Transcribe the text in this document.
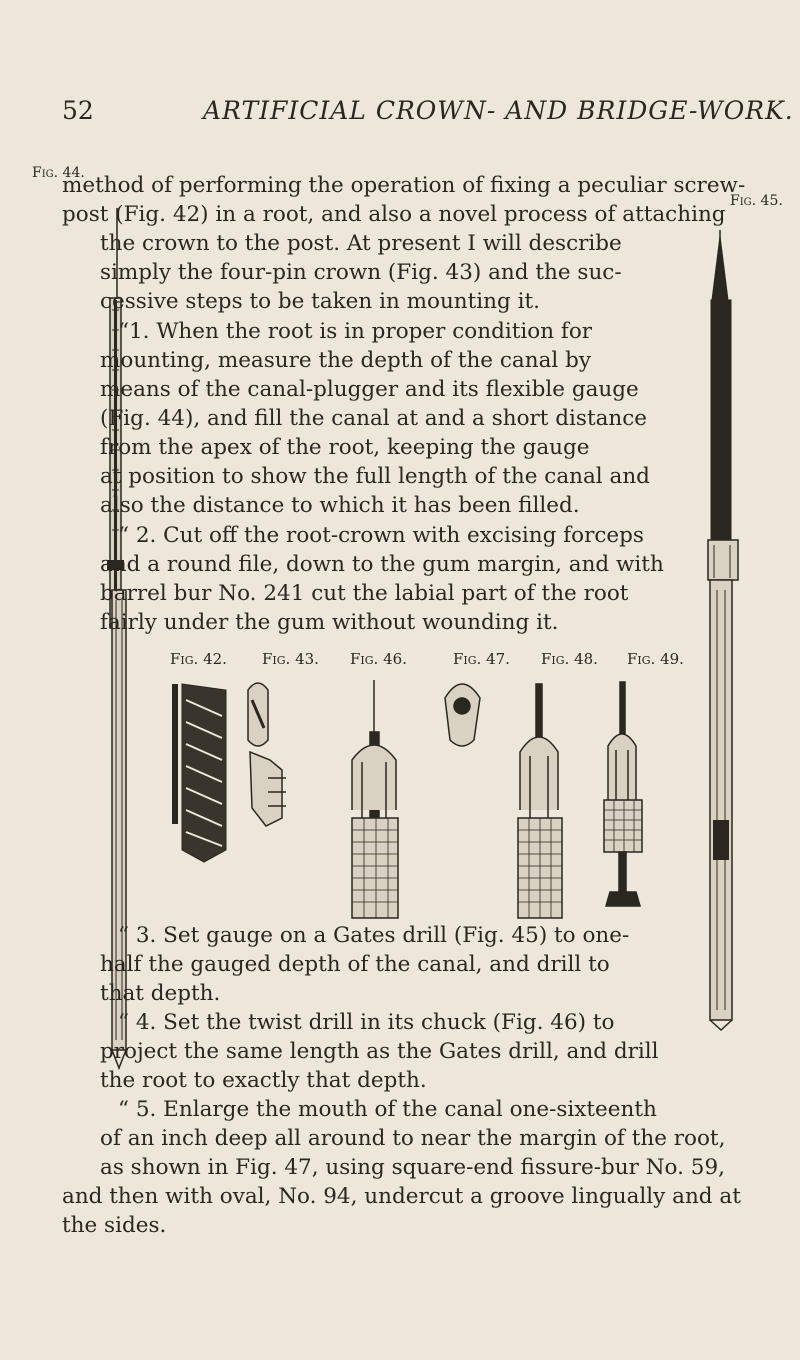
52	ARTIFICIAL CROWN- AND BRIDGE-WORK.
Fig. 44.
Fig. 45.
method of performing the operation of fixing a peculiar screw-
post (Fig. 42) in a root, and also a novel process of attaching
the crown to the post. At present I will describe
simply the four-pin crown (Fig. 43) and the suc-
cessive steps to be taken in mounting it.
“1. When the root is in proper condition for
mounting, measure the depth of the canal by
means of the canal-plugger and its flexible gauge
(Fig. 44), and fill the canal at and a short distance
from the apex of the root, keeping the gauge
at position to show the full length of the canal and
also the distance to which it has been filled.
“ 2. Cut off the root-crown with excising forceps
and a round file, down to the gum margin, and with
barrel bur No. 241 cut the labial part of the root
fairly under the gum without wounding it.
Fig. 42. Fig. 43. Fig. 46.	Fig. 47. Fig. 48. Fig. 49.
“ 3. Set gauge on a Gates drill (Fig. 45) to one-
half the gauged depth of the canal, and drill to
that depth.
“ 4. Set the twist drill in its chuck (Fig. 46) to
project the same length as the Gates drill, and drill
the root to exactly that depth.
“ 5. Enlarge the mouth of the canal one-sixteenth
of an inch deep all around to near the margin of the root,
as shown in Fig. 47, using square-end fissure-bur No. 59,
and then with oval, No. 94, undercut a groove lingually and at
the sides.
